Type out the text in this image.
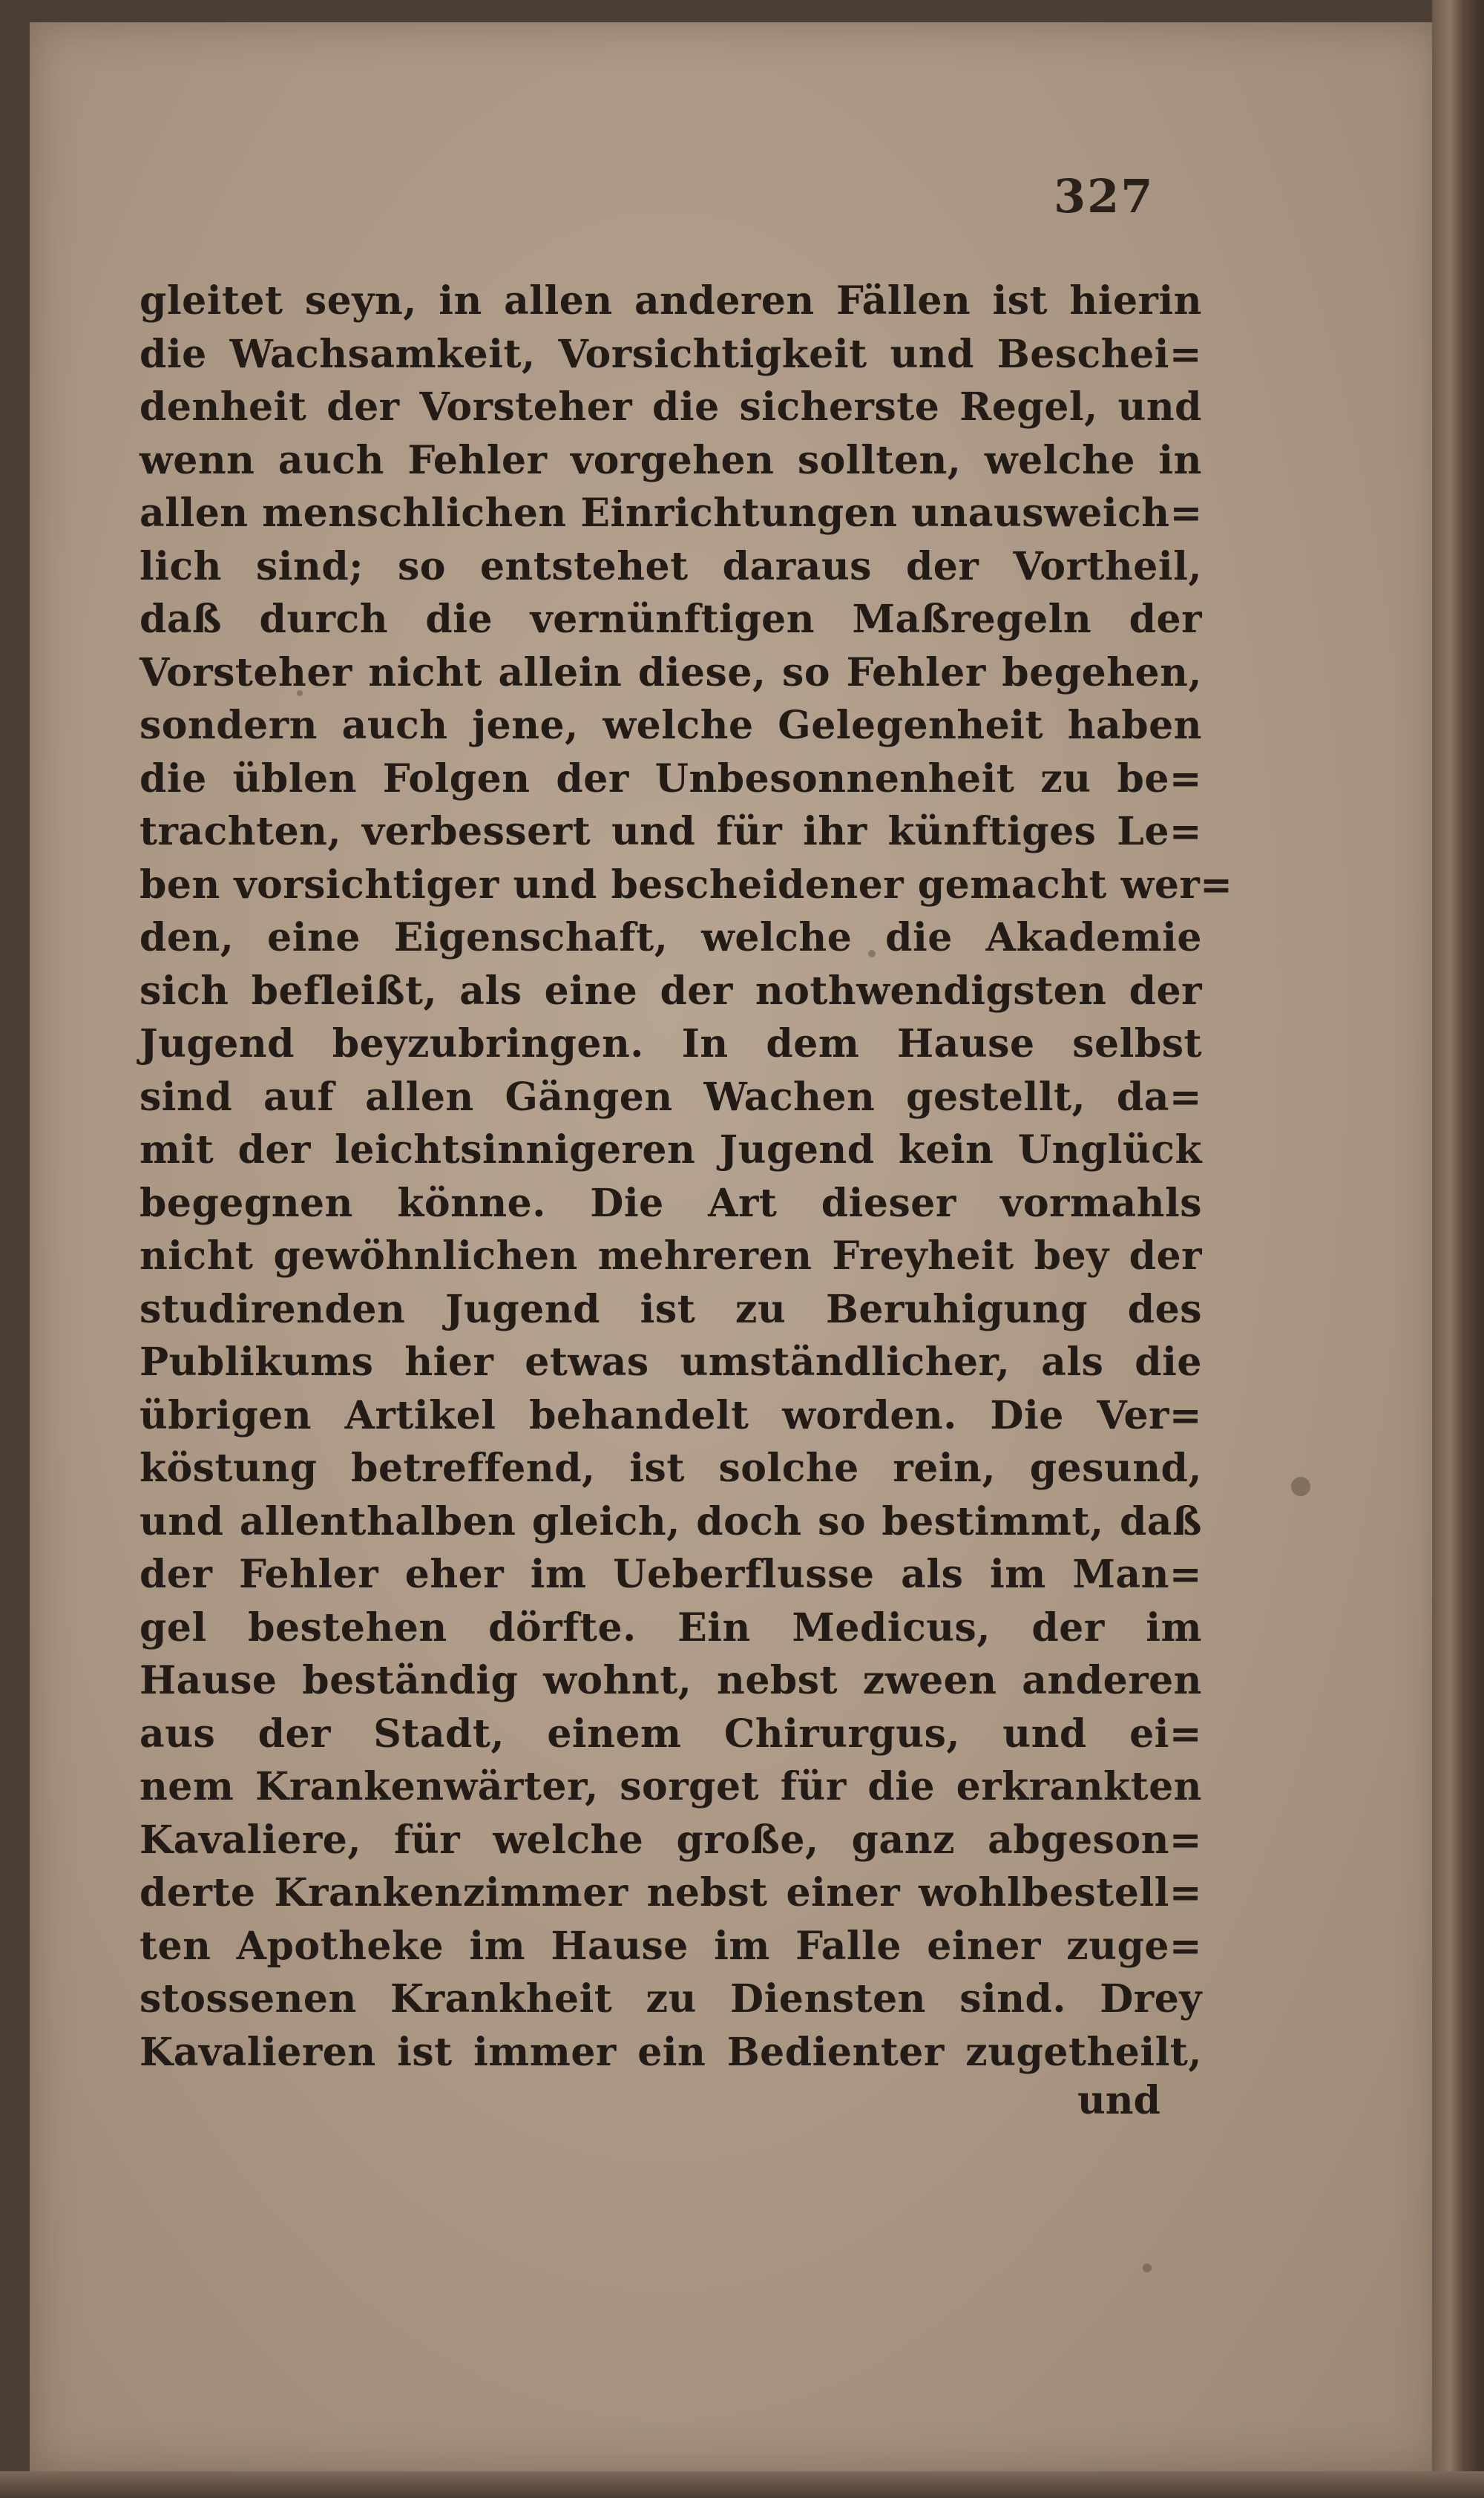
327
gleitet seyn, in allen anderen Fällen ist hierin
die Wachsamkeit, Vorsichtigkeit und Beschei=
denheit der Vorsteher die sicherste Regel, und
wenn auch Fehler vorgehen sollten, welche in
allen menschlichen Einrichtungen unausweich=
lich sind; so entstehet daraus der Vortheil,
daß durch die vernünftigen Maßregeln der
Vorsteher nicht allein diese, so Fehler begehen,
sondern auch jene, welche Gelegenheit haben
die üblen Folgen der Unbesonnenheit zu be=
trachten, verbessert und für ihr künftiges Le=
ben vorsichtiger und bescheidener gemacht wer=
den, eine Eigenschaft, welche die Akademie
sich befleißt, als eine der nothwendigsten der
Jugend beyzubringen. In dem Hause selbst
sind auf allen Gängen Wachen gestellt, da=
mit der leichtsinnigeren Jugend kein Unglück
begegnen könne. Die Art dieser vormahls
nicht gewöhnlichen mehreren Freyheit bey der
studirenden Jugend ist zu Beruhigung des
Publikums hier etwas umständlicher, als die
übrigen Artikel behandelt worden. Die Ver=
köstung betreffend, ist solche rein, gesund,
und allenthalben gleich, doch so bestimmt, daß
der Fehler eher im Ueberflusse als im Man=
gel bestehen dörfte. Ein Medicus, der im
Hause beständig wohnt, nebst zween anderen
aus der Stadt, einem Chirurgus, und ei=
nem Krankenwärter, sorget für die erkrankten
Kavaliere, für welche große, ganz abgeson=
derte Krankenzimmer nebst einer wohlbestell=
ten Apotheke im Hause im Falle einer zuge=
stossenen Krankheit zu Diensten sind. Drey
Kavalieren ist immer ein Bedienter zugetheilt,
und
